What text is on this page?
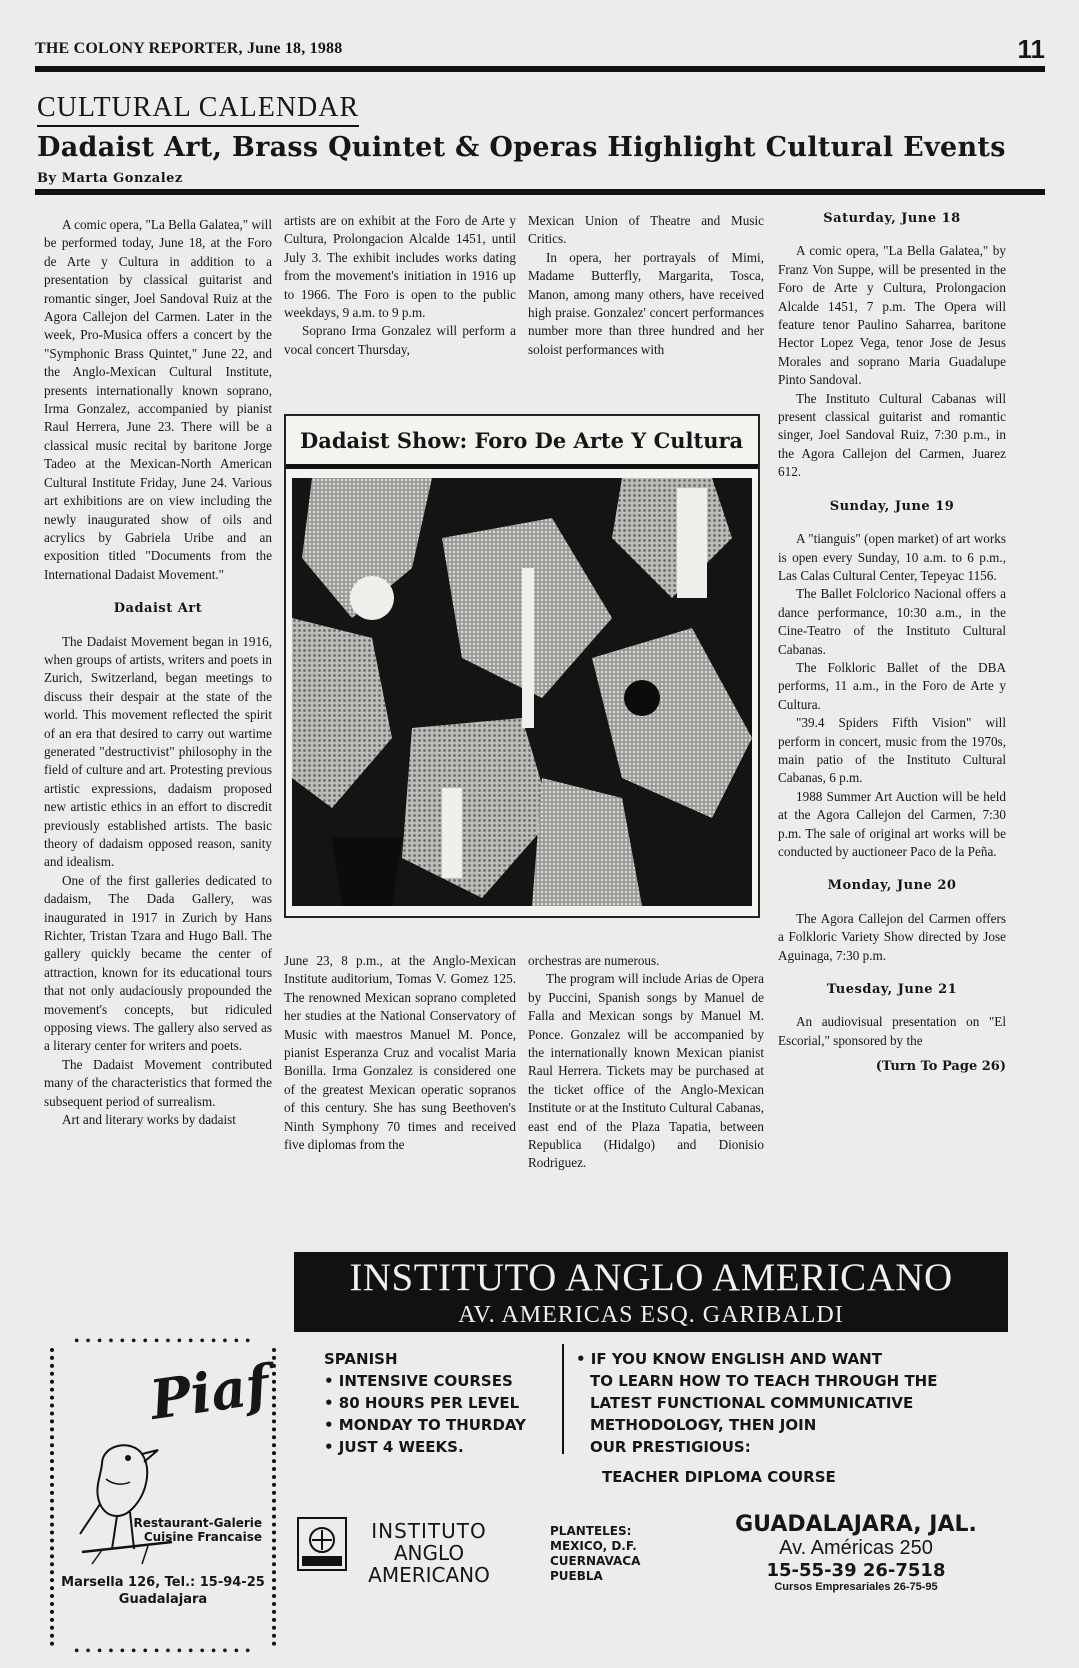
THE COLONY REPORTER, June 18, 1988	11
CULTURAL CALENDAR
Dadaist Art, Brass Quintet & Operas Highlight Cultural Events
By Marta Gonzalez

A comic opera, "La Bella Galatea," will be performed today, June 18, at the Foro de Arte y Cultura in addition to a presentation by classical guitarist and romantic singer, Joel Sandoval Ruiz at the Agora Callejon del Carmen. Later in the week, Pro-Musica offers a concert by the "Symphonic Brass Quintet," June 22, and the Anglo-Mexican Cultural Institute, presents internationally known soprano, Irma Gonzalez, accompanied by pianist Raul Herrera, June 23. There will be a classical music recital by baritone Jorge Tadeo at the Mexican-North American Cultural Institute Friday, June 24. Various art exhibitions are on view including the newly inaugurated show of oils and acrylics by Gabriela Uribe and an exposition titled "Documents from the International Dadaist Movement."

Dadaist Art

The Dadaist Movement began in 1916, when groups of artists, writers and poets in Zurich, Switzerland, began meetings to discuss their despair at the state of the world. This movement reflected the spirit of an era that desired to carry out wartime generated "destructivist" philosophy in the field of culture and art. Protesting previous artistic expressions, dadaism proposed new artistic ethics in an effort to discredit previously established artists. The basic theory of dadaism opposed reason, sanity and idealism.

One of the first galleries dedicated to dadaism, The Dada Gallery, was inaugurated in 1917 in Zurich by Hans Richter, Tristan Tzara and Hugo Ball. The gallery quickly became the center of attraction, known for its educational tours that not only audaciously propounded the movement's concepts, but ridiculed opposing views. The gallery also served as a literary center for writers and poets.

The Dadaist Movement contributed many of the characteristics that formed the subsequent period of surrealism.

Art and literary works by dadaist

artists are on exhibit at the Foro de Arte y Cultura, Prolongacion Alcalde 1451, until July 3. The exhibit includes works dating from the movement's initiation in 1916 up to 1966. The Foro is open to the public weekdays, 9 a.m. to 9 p.m.

Soprano Irma Gonzalez will perform a vocal concert Thursday,

Mexican Union of Theatre and Music Critics.

In opera, her portrayals of Mimi, Madame Butterfly, Margarita, Tosca, Manon, among many others, have received high praise. Gonzalez' concert performances number more than three hundred and her soloist performances with

Dadaist Show: Foro De Arte Y Cultura

June 23, 8 p.m., at the Anglo-Mexican Institute auditorium, Tomas V. Gomez 125. The renowned Mexican soprano completed her studies at the National Conservatory of Music with maestros Manuel M. Ponce, pianist Esperanza Cruz and vocalist Maria Bonilla. Irma Gonzalez is considered one of the greatest Mexican operatic sopranos of this century. She has sung Beethoven's Ninth Symphony 70 times and received five diplomas from the

orchestras are numerous.

The program will include Arias de Opera by Puccini, Spanish songs by Manuel de Falla and Mexican songs by Manuel M. Ponce. Gonzalez will be accompanied by the internationally known Mexican pianist Raul Herrera. Tickets may be purchased at the ticket office of the Anglo-Mexican Institute or at the Instituto Cultural Cabanas, east end of the Plaza Tapatia, between Republica (Hidalgo) and Dionisio Rodriguez.

Saturday, June 18

A comic opera, "La Bella Galatea," by Franz Von Suppe, will be presented in the Foro de Arte y Cultura, Prolongacion Alcalde 1451, 7 p.m. The Opera will feature tenor Paulino Saharrea, baritone Hector Lopez Vega, tenor Jose de Jesus Morales and soprano Maria Guadalupe Pinto Sandoval.

The Instituto Cultural Cabanas will present classical guitarist and romantic singer, Joel Sandoval Ruiz, 7:30 p.m., in the Agora Callejon del Carmen, Juarez 612.

Sunday, June 19

A "tianguis" (open market) of art works is open every Sunday, 10 a.m. to 6 p.m., Las Calas Cultural Center, Tepeyac 1156.

The Ballet Folclorico Nacional offers a dance performance, 10:30 a.m., in the Cine-Teatro of the Instituto Cultural Cabanas.

The Folkloric Ballet of the DBA performs, 11 a.m., in the Foro de Arte y Cultura.

"39.4 Spiders Fifth Vision" will perform in concert, music from the 1970s, main patio of the Instituto Cultural Cabanas, 6 p.m.

1988 Summer Art Auction will be held at the Agora Callejon del Carmen, 7:30 p.m. The sale of original art works will be conducted by auctioneer Paco de la Peña.

Monday, June 20

The Agora Callejon del Carmen offers a Folkloric Variety Show directed by Jose Aguinaga, 7:30 p.m.

Tuesday, June 21

An audiovisual presentation on "El Escorial," sponsored by the

(Turn To Page 26)
• • • • • • • • • • • • • • • •
• • • • • • • • • • • • • • • •
Piaf
Restaurant-Galerie
Cuisine Francaise
Marsella 126, Tel.: 15-94-25
Guadalajara
INSTITUTO ANGLO AMERICANO
AV. AMERICAS ESQ. GARIBALDI
SPANISH
• INTENSIVE COURSES
• 80 HOURS PER LEVEL
• MONDAY TO THURDAY
• JUST 4 WEEKS.
• IF YOU KNOW ENGLISH AND WANT
TO LEARN HOW TO TEACH THROUGH THE
LATEST FUNCTIONAL COMMUNICATIVE
METHODOLOGY, THEN JOIN
OUR PRESTIGIOUS:
TEACHER DIPLOMA COURSE
INSTITUTO
ANGLO
AMERICANO
PLANTELES:
MEXICO, D.F.
CUERNAVACA
PUEBLA
GUADALAJARA, JAL.
Av. Américas 250
15-55-39 26-7518
Cursos Empresariales 26-75-95
